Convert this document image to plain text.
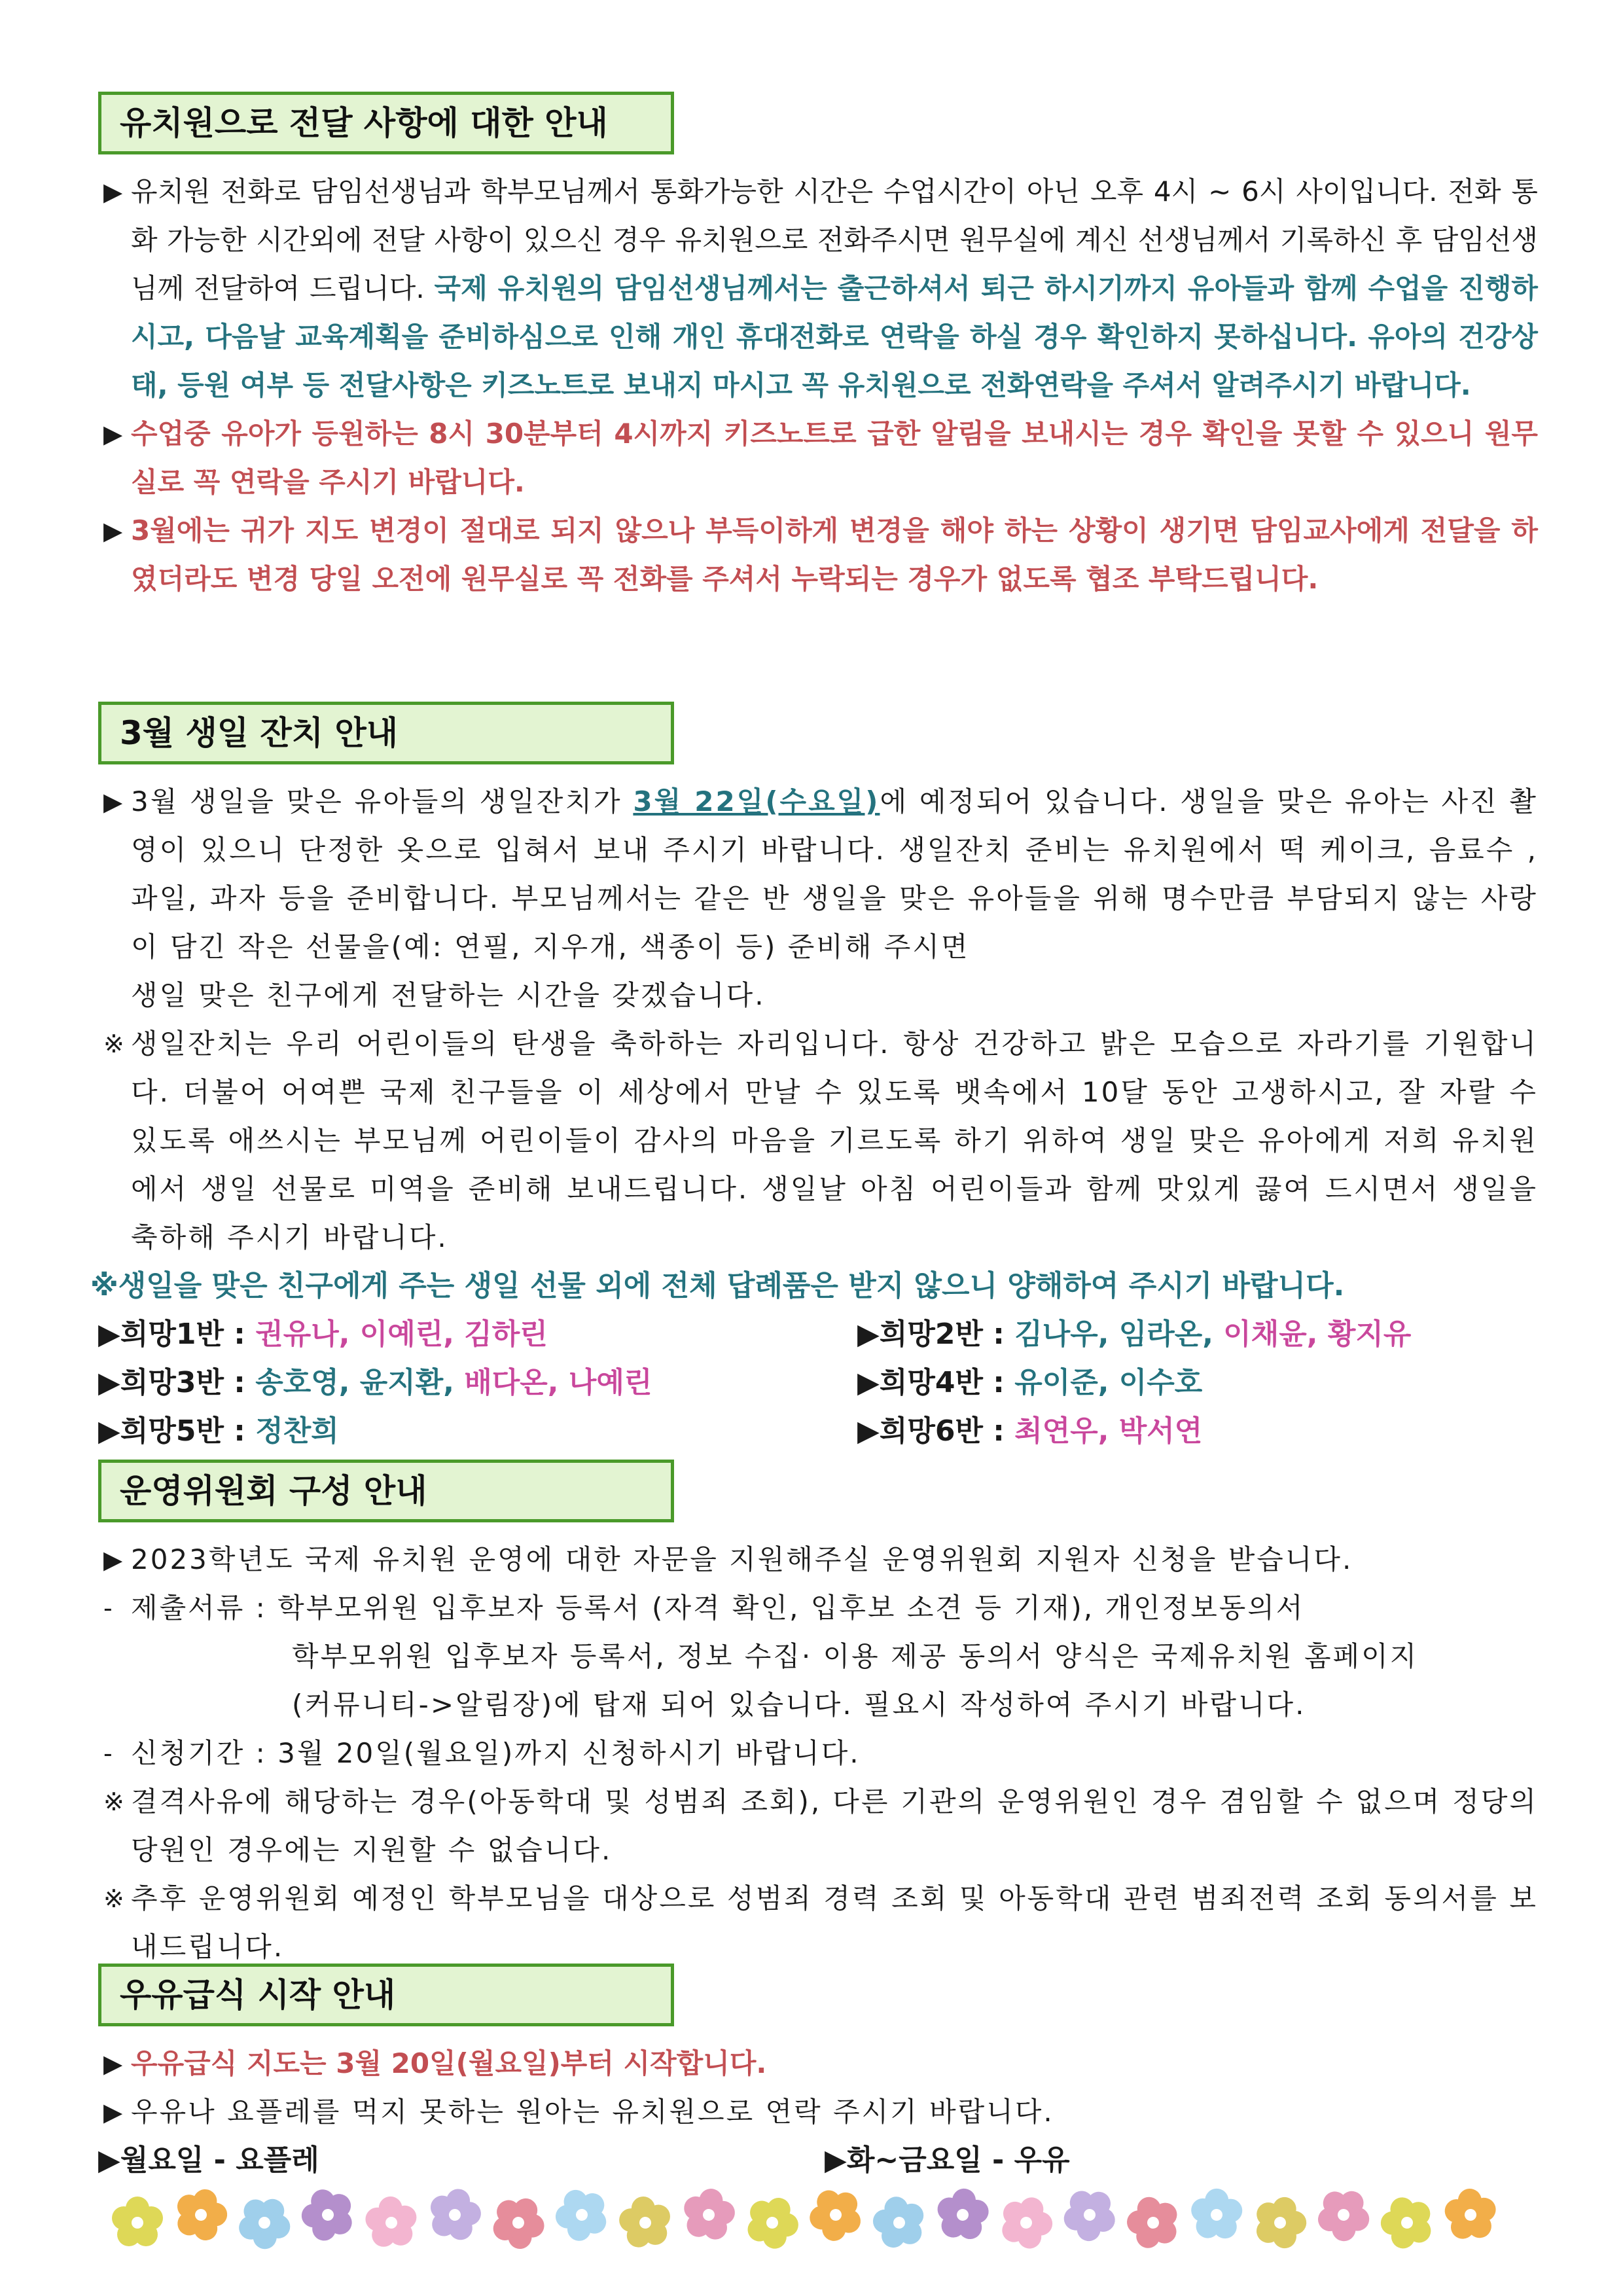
유치원으로 전달 사항에 대한 안내
▶ 유치원 전화로 담임선생님과 학부모님께서 통화가능한 시간은 수업시간이 아닌 오후 4시 ~ 6시 사이입니다. 전화 통화 가능한 시간외에 전달 사항이 있으신 경우 유치원으로 전화주시면 원무실에 계신 선생님께서 기록하신 후 담임선생님께 전달하여 드립니다. 국제 유치원의 담임선생님께서는 출근하셔서 퇴근 하시기까지 유아들과 함께 수업을 진행하시고, 다음날 교육계획을 준비하심으로 인해 개인 휴대전화로 연락을 하실 경우 확인하지 못하십니다. 유아의 건강상태, 등원 여부 등 전달사항은 키즈노트로 보내지 마시고 꼭 유치원으로 전화연락을 주셔서 알려주시기 바랍니다.
▶ 수업중 유아가 등원하는 8시 30분부터 4시까지 키즈노트로 급한 알림을 보내시는 경우 확인을 못할 수 있으니 원무실로 꼭 연락을 주시기 바랍니다.
▶ 3월에는 귀가 지도 변경이 절대로 되지 않으나 부득이하게 변경을 해야 하는 상황이 생기면 담임교사에게 전달을 하였더라도 변경 당일 오전에 원무실로 꼭 전화를 주셔서 누락되는 경우가 없도록 협조 부탁드립니다.
3월 생일 잔치 안내
▶ 3월 생일을 맞은 유아들의 생일잔치가 3월 22일(수요일)에 예정되어 있습니다. 생일을 맞은 유아는 사진 촬영이 있으니 단정한 옷으로 입혀서 보내 주시기 바랍니다. 생일잔치 준비는 유치원에서 떡 케이크, 음료수 ,과일, 과자 등을 준비합니다. 부모님께서는 같은 반 생일을 맞은 유아들을 위해 명수만큼 부담되지 않는 사랑이 담긴 작은 선물을(예: 연필, 지우개, 색종이 등) 준비해 주시면
생일 맞은 친구에게 전달하는 시간을 갖겠습니다.
※ 생일잔치는 우리 어린이들의 탄생을 축하하는 자리입니다. 항상 건강하고 밝은 모습으로 자라기를 기원합니다. 더불어 어여쁜 국제 친구들을 이 세상에서 만날 수 있도록 뱃속에서 10달 동안 고생하시고, 잘 자랄 수 있도록 애쓰시는 부모님께 어린이들이 감사의 마음을 기르도록 하기 위하여 생일 맞은 유아에게 저희 유치원에서 생일 선물로 미역을 준비해 보내드립니다. 생일날 아침 어린이들과 함께 맛있게 끓여 드시면서 생일을 축하해 주시기 바랍니다.
※생일을 맞은 친구에게 주는 생일 선물 외에 전체 답례품은 받지 않으니 양해하여 주시기 바랍니다.
▶희망1반 : 권유나, 이예린, 김하린	▶희망2반 : 김나우, 임라온, 이채윤, 황지유
▶희망3반 : 송호영, 윤지환, 배다온, 나예린	▶희망4반 : 유이준, 이수호
▶희망5반 : 정찬희	▶희망6반 : 최연우, 박서연
운영위원회 구성 안내
▶ 2023학년도 국제 유치원 운영에 대한 자문을 지원해주실 운영위원회 지원자 신청을 받습니다.
- 제출서류 : 학부모위원 입후보자 등록서 (자격 확인, 입후보 소견 등 기재), 개인정보동의서
학부모위원 입후보자 등록서, 정보 수집· 이용 제공 동의서 양식은 국제유치원 홈페이지
(커뮤니티->알림장)에 탑재 되어 있습니다. 필요시 작성하여 주시기 바랍니다.
- 신청기간 : 3월 20일(월요일)까지 신청하시기 바랍니다.
※ 결격사유에 해당하는 경우(아동학대 및 성범죄 조회), 다른 기관의 운영위원인 경우 겸임할 수 없으며 정당의 당원인 경우에는 지원할 수 없습니다.
※ 추후 운영위원회 예정인 학부모님을 대상으로 성범죄 경력 조회 및 아동학대 관련 범죄전력 조회 동의서를 보내드립니다.
우유급식 시작 안내
▶ 우유급식 지도는 3월 20일(월요일)부터 시작합니다.
▶ 우유나 요플레를 먹지 못하는 원아는 유치원으로 연락 주시기 바랍니다.
▶월요일 - 요플레	▶화~금요일 - 우유
